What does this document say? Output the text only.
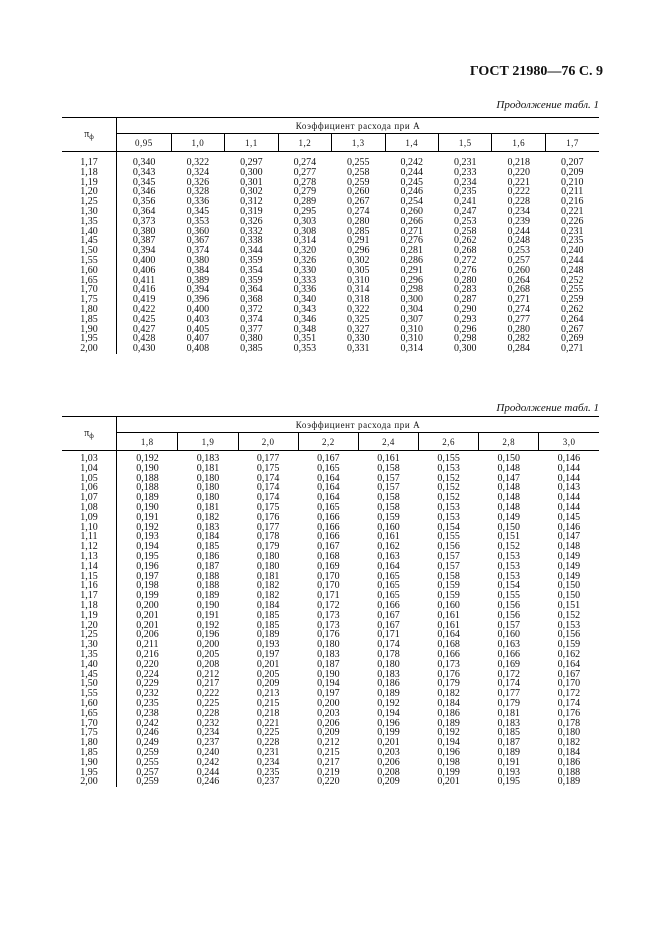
ГОСТ 21980—76 С. 9
Продолжение табл. 1
$\pi_ф$	Коэффициент расхода при A								
	0,95	1,0	1,1	1,2	1,3	1,4	1,5	1,6	1,7
1,17	0,340	0,322	0,297	0,274	0,255	0,242	0,231	0,218	0,207
1,18	0,343	0,324	0,300	0,277	0,258	0,244	0,233	0,220	0,209
1,19	0,345	0,326	0,301	0,278	0,259	0,245	0,234	0,221	0,210
1,20	0,346	0,328	0,302	0,279	0,260	0,246	0,235	0,222	0,211
1,25	0,356	0,336	0,312	0,289	0,267	0,254	0,241	0,228	0,216
1,30	0,364	0,345	0,319	0,295	0,274	0,260	0,247	0,234	0,221
1,35	0,373	0,353	0,326	0,303	0,280	0,266	0,253	0,239	0,226
1,40	0,380	0,360	0,332	0,308	0,285	0,271	0,258	0,244	0,231
1,45	0,387	0,367	0,338	0,314	0,291	0,276	0,262	0,248	0,235
1,50	0,394	0,374	0,344	0,320	0,296	0,281	0,268	0,253	0,240
1,55	0,400	0,380	0,359	0,326	0,302	0,286	0,272	0,257	0,244
1,60	0,406	0,384	0,354	0,330	0,305	0,291	0,276	0,260	0,248
1,65	0,411	0,389	0,359	0,333	0,310	0,296	0,280	0,264	0,252
1,70	0,416	0,394	0,364	0,336	0,314	0,298	0,283	0,268	0,255
1,75	0,419	0,396	0,368	0,340	0,318	0,300	0,287	0,271	0,259
1,80	0,422	0,400	0,372	0,343	0,322	0,304	0,290	0,274	0,262
1,85	0,425	0,403	0,374	0,346	0,325	0,307	0,293	0,277	0,264
1,90	0,427	0,405	0,377	0,348	0,327	0,310	0,296	0,280	0,267
1,95	0,428	0,407	0,380	0,351	0,330	0,310	0,298	0,282	0,269
2,00	0,430	0,408	0,385	0,353	0,331	0,314	0,300	0,284	0,271
Продолжение табл. 1
$\pi_ф$	Коэффициент расхода при A							
	1,8	1,9	2,0	2,2	2,4	2,6	2,8	3,0
1,03	0,192	0,183	0,177	0,167	0,161	0,155	0,150	0,146
1,04	0,190	0,181	0,175	0,165	0,158	0,153	0,148	0,144
1,05	0,188	0,180	0,174	0,164	0,157	0,152	0,147	0,144
1,06	0,188	0,180	0,174	0,164	0,157	0,152	0,148	0,143
1,07	0,189	0,180	0,174	0,164	0,158	0,152	0,148	0,144
1,08	0,190	0,181	0,175	0,165	0,158	0,153	0,148	0,144
1,09	0,191	0,182	0,176	0,166	0,159	0,153	0,149	0,145
1,10	0,192	0,183	0,177	0,166	0,160	0,154	0,150	0,146
1,11	0,193	0,184	0,178	0,166	0,161	0,155	0,151	0,147
1,12	0,194	0,185	0,179	0,167	0,162	0,156	0,152	0,148
1,13	0,195	0,186	0,180	0,168	0,163	0,157	0,153	0,149
1,14	0,196	0,187	0,180	0,169	0,164	0,157	0,153	0,149
1,15	0,197	0,188	0,181	0,170	0,165	0,158	0,153	0,149
1,16	0,198	0,188	0,182	0,170	0,165	0,159	0,154	0,150
1,17	0,199	0,189	0,182	0,171	0,165	0,159	0,155	0,150
1,18	0,200	0,190	0,184	0,172	0,166	0,160	0,156	0,151
1,19	0,201	0,191	0,185	0,173	0,167	0,161	0,156	0,152
1,20	0,201	0,192	0,185	0,173	0,167	0,161	0,157	0,153
1,25	0,206	0,196	0,189	0,176	0,171	0,164	0,160	0,156
1,30	0,211	0,200	0,193	0,180	0,174	0,168	0,163	0,159
1,35	0,216	0,205	0,197	0,183	0,178	0,166	0,166	0,162
1,40	0,220	0,208	0,201	0,187	0,180	0,173	0,169	0,164
1,45	0,224	0,212	0,205	0,190	0,183	0,176	0,172	0,167
1,50	0,229	0,217	0,209	0,194	0,186	0,179	0,174	0,170
1,55	0,232	0,222	0,213	0,197	0,189	0,182	0,177	0,172
1,60	0,235	0,225	0,215	0,200	0,192	0,184	0,179	0,174
1,65	0,238	0,228	0,218	0,203	0,194	0,186	0,181	0,176
1,70	0,242	0,232	0,221	0,206	0,196	0,189	0,183	0,178
1,75	0,246	0,234	0,225	0,209	0,199	0,192	0,185	0,180
1,80	0,249	0,237	0,228	0,212	0,201	0,194	0,187	0,182
1,85	0,259	0,240	0,231	0,215	0,203	0,196	0,189	0,184
1,90	0,255	0,242	0,234	0,217	0,206	0,198	0,191	0,186
1,95	0,257	0,244	0,235	0,219	0,208	0,199	0,193	0,188
2,00	0,259	0,246	0,237	0,220	0,209	0,201	0,195	0,189
